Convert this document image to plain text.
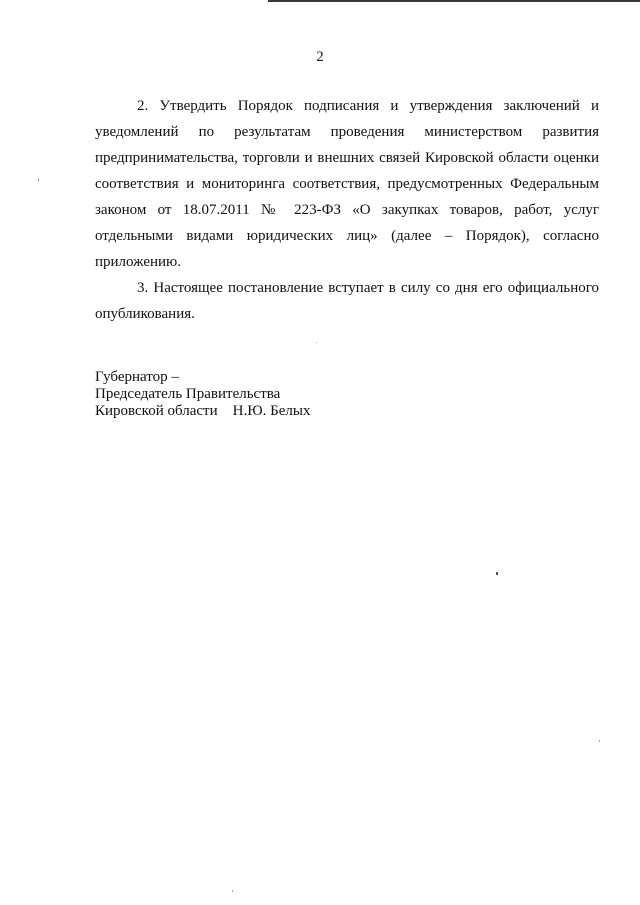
2

2. Утвердить Порядок подписания и утверждения заключений и уведомлений по результатам проведения министерством развития предпринимательства, торговли и внешних связей Кировской области оценки соответствия и мониторинга соответствия, предусмотренных Федеральным законом от 18.07.2011 № 223-ФЗ «О закупках товаров, работ, услуг отдельными видами юридических лиц» (далее – Порядок), согласно приложению.

3. Настоящее постановление вступает в силу со дня его официального опубликования.

Губернатор –
Председатель Правительства
Кировской области Н.Ю. Белых
